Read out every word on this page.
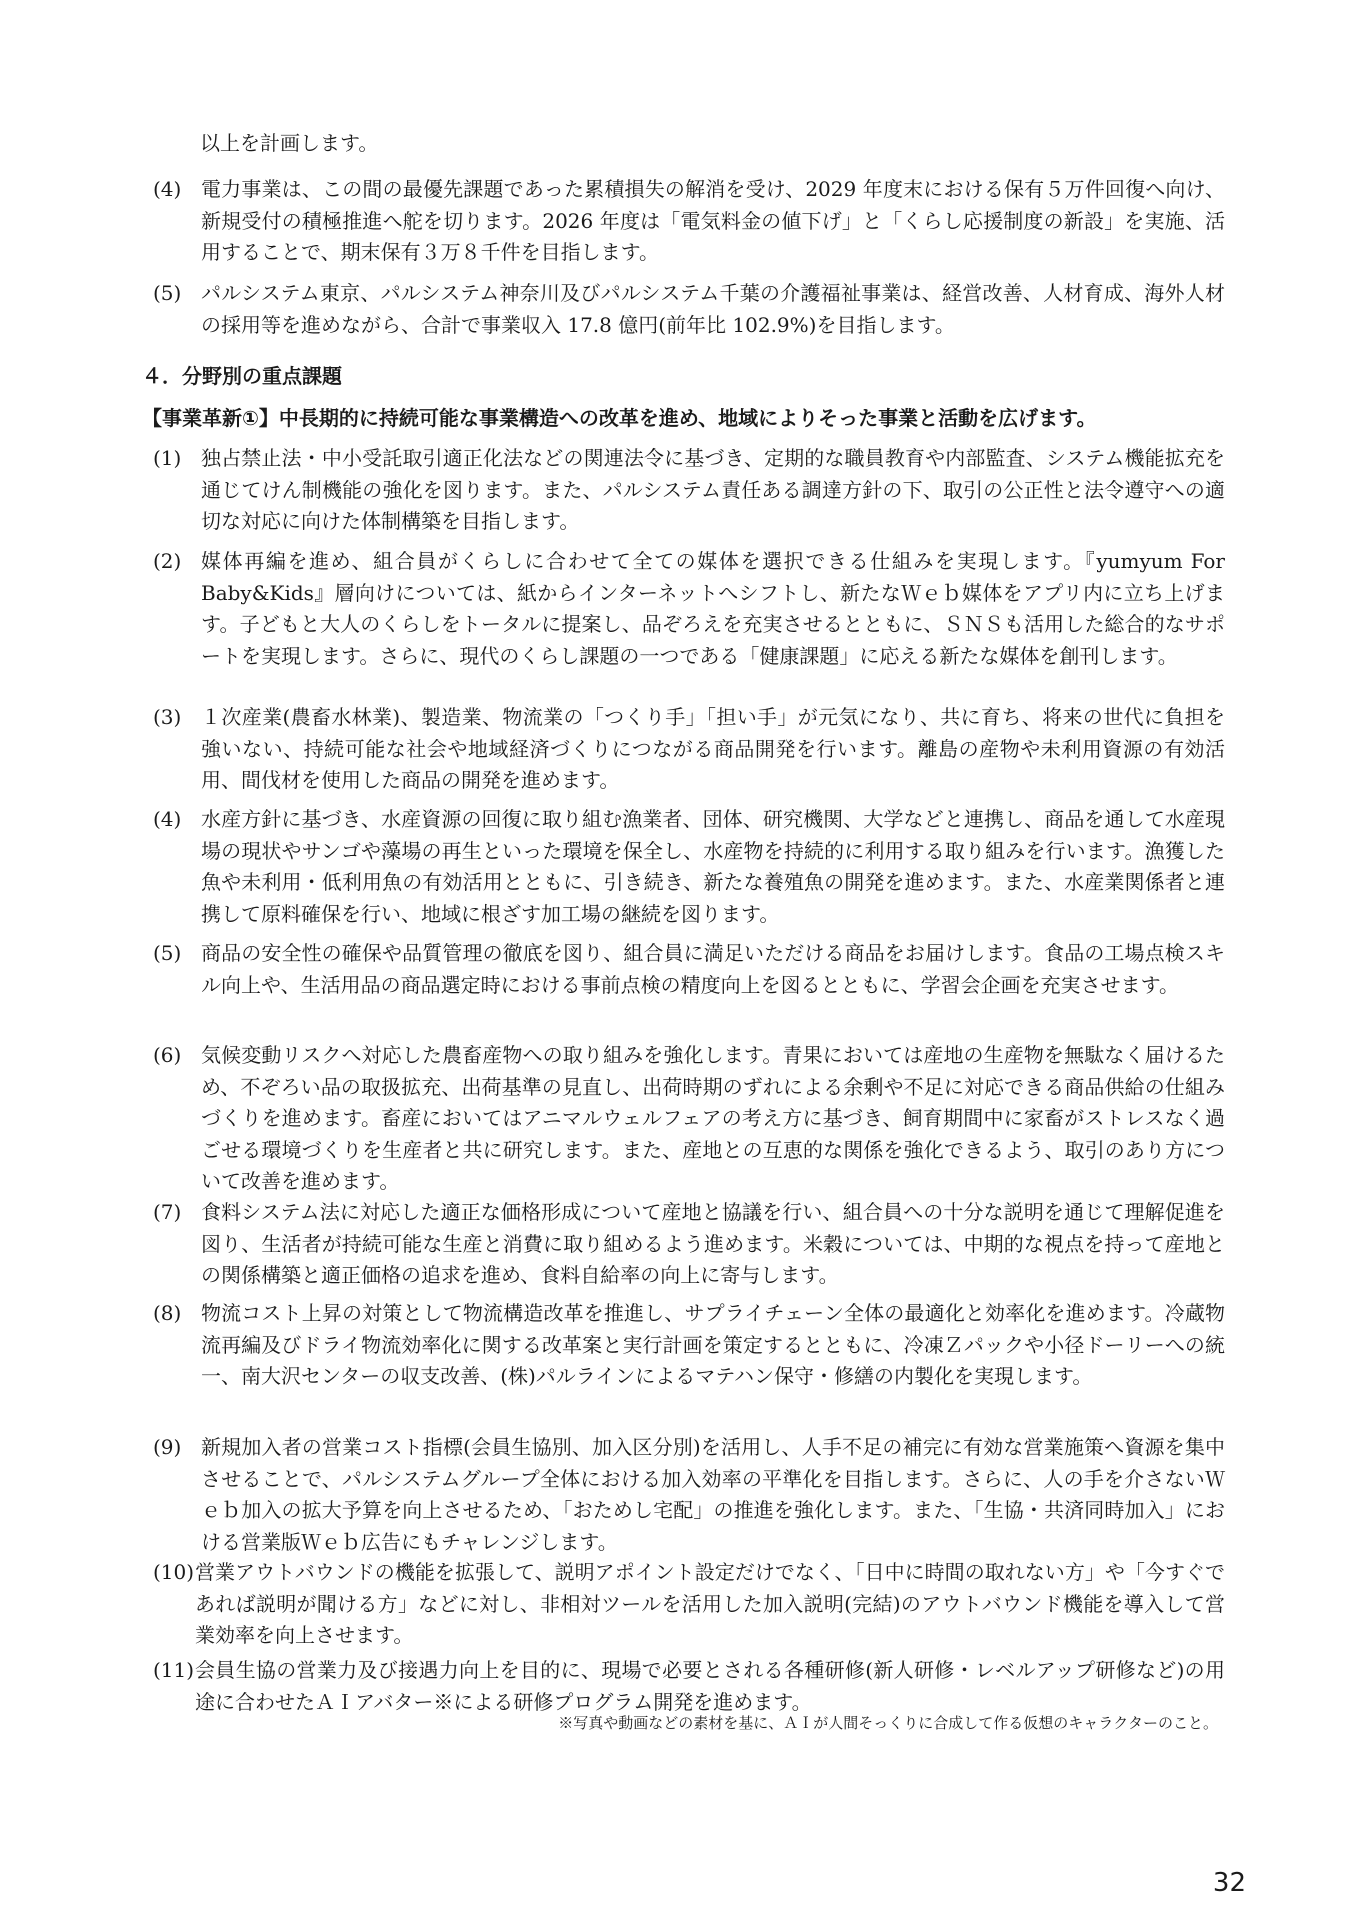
以上を計画します。
(4) 電力事業は、この間の最優先課題であった累積損失の解消を受け、2029 年度末における保有５万件回復へ向け、新規受付の積極推進へ舵を切ります。2026 年度は「電気料金の値下げ」と「くらし応援制度の新設」を実施、活用することで、期末保有３万８千件を目指します。
(5) パルシステム東京、パルシステム神奈川及びパルシステム千葉の介護福祉事業は、経営改善、人材育成、海外人材の採用等を進めながら、合計で事業収入 17.8 億円(前年比 102.9%)を目指します。
４．分野別の重点課題
【事業革新①】中長期的に持続可能な事業構造への改革を進め、地域によりそった事業と活動を広げます。
(1) 独占禁止法・中小受託取引適正化法などの関連法令に基づき、定期的な職員教育や内部監査、システム機能拡充を通じてけん制機能の強化を図ります。また、パルシステム責任ある調達方針の下、取引の公正性と法令遵守への適切な対応に向けた体制構築を目指します。
(2) 媒体再編を進め、組合員がくらしに合わせて全ての媒体を選択できる仕組みを実現します。『yumyum For Baby&Kids』層向けについては、紙からインターネットへシフトし、新たなＷｅｂ媒体をアプリ内に立ち上げます。子どもと大人のくらしをトータルに提案し、品ぞろえを充実させるとともに、ＳＮＳも活用した総合的なサポートを実現します。さらに、現代のくらし課題の一つである「健康課題」に応える新たな媒体を創刊します。
(3) １次産業(農畜水林業)、製造業、物流業の「つくり手」「担い手」が元気になり、共に育ち、将来の世代に負担を強いない、持続可能な社会や地域経済づくりにつながる商品開発を行います。離島の産物や未利用資源の有効活用、間伐材を使用した商品の開発を進めます。
(4) 水産方針に基づき、水産資源の回復に取り組む漁業者、団体、研究機関、大学などと連携し、商品を通して水産現場の現状やサンゴや藻場の再生といった環境を保全し、水産物を持続的に利用する取り組みを行います。漁獲した魚や未利用・低利用魚の有効活用とともに、引き続き、新たな養殖魚の開発を進めます。また、水産業関係者と連携して原料確保を行い、地域に根ざす加工場の継続を図ります。
(5) 商品の安全性の確保や品質管理の徹底を図り、組合員に満足いただける商品をお届けします。食品の工場点検スキル向上や、生活用品の商品選定時における事前点検の精度向上を図るとともに、学習会企画を充実させます。
(6) 気候変動リスクへ対応した農畜産物への取り組みを強化します。青果においては産地の生産物を無駄なく届けるため、不ぞろい品の取扱拡充、出荷基準の見直し、出荷時期のずれによる余剰や不足に対応できる商品供給の仕組みづくりを進めます。畜産においてはアニマルウェルフェアの考え方に基づき、飼育期間中に家畜がストレスなく過ごせる環境づくりを生産者と共に研究します。また、産地との互恵的な関係を強化できるよう、取引のあり方について改善を進めます。
(7) 食料システム法に対応した適正な価格形成について産地と協議を行い、組合員への十分な説明を通じて理解促進を図り、生活者が持続可能な生産と消費に取り組めるよう進めます。米穀については、中期的な視点を持って産地との関係構築と適正価格の追求を進め、食料自給率の向上に寄与します。
(8) 物流コスト上昇の対策として物流構造改革を推進し、サプライチェーン全体の最適化と効率化を進めます。冷蔵物流再編及びドライ物流効率化に関する改革案と実行計画を策定するとともに、冷凍Ｚパックや小径ドーリーへの統一、南大沢センターの収支改善、(株)パルラインによるマテハン保守・修繕の内製化を実現します。
(9) 新規加入者の営業コスト指標(会員生協別、加入区分別)を活用し、人手不足の補完に有効な営業施策へ資源を集中させることで、パルシステムグループ全体における加入効率の平準化を目指します。さらに、人の手を介さないＷｅｂ加入の拡大予算を向上させるため、「おためし宅配」の推進を強化します。また、「生協・共済同時加入」における営業版Ｗｅｂ広告にもチャレンジします。
(10) 営業アウトバウンドの機能を拡張して、説明アポイント設定だけでなく、「日中に時間の取れない方」や「今すぐであれば説明が聞ける方」などに対し、非相対ツールを活用した加入説明(完結)のアウトバウンド機能を導入して営業効率を向上させます。
(11) 会員生協の営業力及び接遇力向上を目的に、現場で必要とされる各種研修(新人研修・レベルアップ研修など)の用途に合わせたＡＩアバター※による研修プログラム開発を進めます。
※写真や動画などの素材を基に、ＡＩが人間そっくりに合成して作る仮想のキャラクターのこと。
32
